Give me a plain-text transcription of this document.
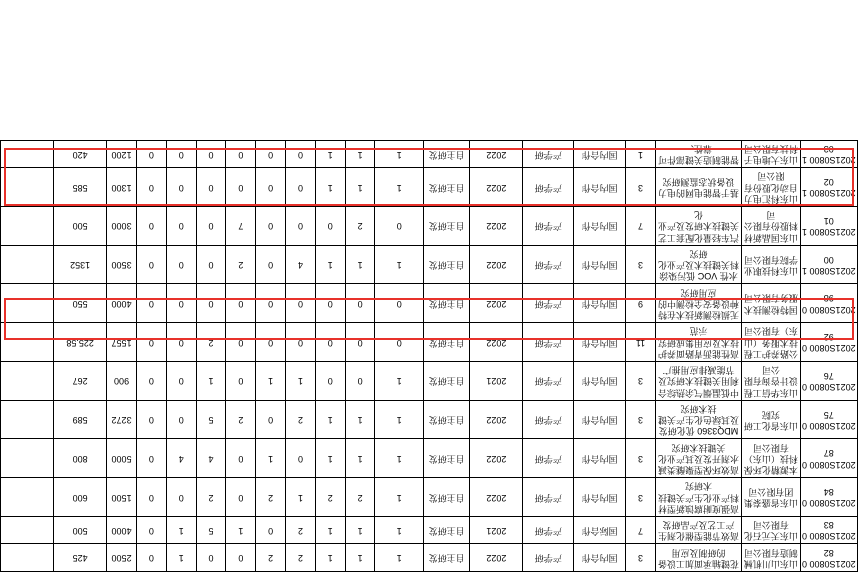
2021S0800 082	山东山川机械制造有限公司	花键轴承面加工设备的研制及应用	3	国内合作	产学研	2022	自主研发	1	1	1	2	2	0	0	1	0	2500	425	
2021S0800 083	山东天元石化有限公司	高效节能型催化剂生产工艺及产品研发	7	国际合作	产学研	2021	自主研发	1	1	1	2	0	1	5	1	0	4000	500	
2021S0800 084	山东省盛泰集团有限公司	高强度耐腐蚀新型材料产业化生产关键技术研究	3	国内合作	产学研	2022	自主研发	1	2	2	1	2	0	2	0	0	1500	600	
2021S0800 087	本源精化环保科技（山东）有限公司	高效环保型聚醚类减水剂开发及其产业化关键技术研究	3	国内合作	产学研	2022	自主研发	1	1	1	0	1	0	4	4	0	5000	800	
2021S0800 075	山东省化工研究院	MDQ3360 优化研发及其绿色化生产关键技术研究	3	国内合作	产学研	2022	自主研发	1	1	1	2	0	2	5	0	0	3272	589	
2021S0800 076	山东华信工程设计咨询有限公司	中低温烟气余热综合利用关键技术研究及节能减排应用推广	3	国内合作	产学研	2021	自主研发	1	0	0	1	1	0	1	0	0	900	267	
2021S0800 092	公路养护工程技术服务（山东）有限公司	高性能沥青路面养护技术及应用集成研究示范	11	国内合作	产学研	2022	自主研发	0	0	0	0	0	0	2	0	0	1557	225.58	
2021S0800 098	国特检测技术服务有限公司	无损检测新技术在特种设备安全检测中的应用研究	9	国内合作	产学研	2022	自主研发	0	0	0	0	0	0	0	0	0	4000	550	
2021S0800 100	山东科技职业学院有限公司	水性 VOC 低污染涂料关键技术及产业化研究	3	国内合作	产学研	2022	自主研发	1	1	1	4	0	2	0	0	0	3500	1352	
2021S0800 101	山东国晶新材料股份有限公司	汽车轻量化配套工艺关键技术研发及产业化	7	国内合作	产学研	2022	自主研发	0	2	0	0	0	7	0	0	0	3000	500	
2021S0800 102	山东科汇电力自动化股份有限公司	基于智能电网的电力设备状态监测研究	3	国内合作	产学研	2022	自主研发	1	1	1	0	0	0	0	0	0	1300	585	
2021S0800 103	山东大地电子科技有限公司	智能制造关键部件可靠性、	1	国内合作	产学研	2022	自主研发	1	1	1	0	0	0	0	0	0	1200	420	
